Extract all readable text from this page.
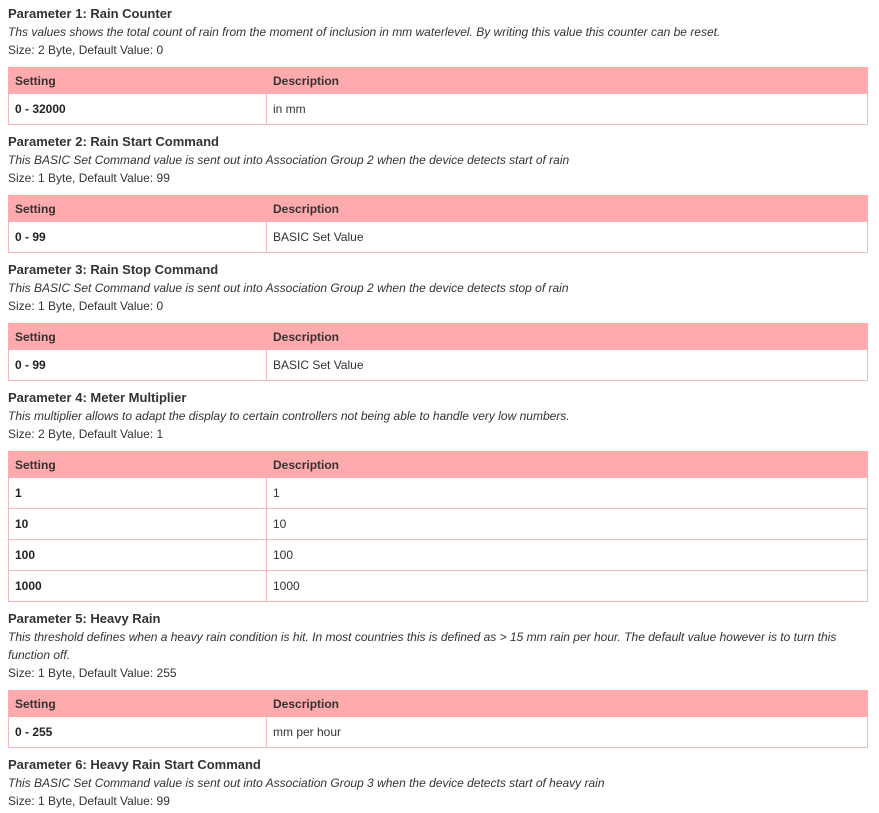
Parameter 1: Rain Counter
Ths values shows the total count of rain from the moment of inclusion in mm waterlevel. By writing this value this counter can be reset.
Size: 2 Byte, Default Value: 0
Setting	Description
0 - 32000	in mm
Parameter 2: Rain Start Command
This BASIC Set Command value is sent out into Association Group 2 when the device detects start of rain
Size: 1 Byte, Default Value: 99
Setting	Description
0 - 99	BASIC Set Value
Parameter 3: Rain Stop Command
This BASIC Set Command value is sent out into Association Group 2 when the device detects stop of rain
Size: 1 Byte, Default Value: 0
Setting	Description
0 - 99	BASIC Set Value
Parameter 4: Meter Multiplier
This multiplier allows to adapt the display to certain controllers not being able to handle very low numbers.
Size: 2 Byte, Default Value: 1
Setting	Description
1	1
10	10
100	100
1000	1000
Parameter 5: Heavy Rain
This threshold defines when a heavy rain condition is hit. In most countries this is defined as > 15 mm rain per hour. The default value however is to turn this function off.
Size: 1 Byte, Default Value: 255
Setting	Description
0 - 255	mm per hour
Parameter 6: Heavy Rain Start Command
This BASIC Set Command value is sent out into Association Group 3 when the device detects start of heavy rain
Size: 1 Byte, Default Value: 99
